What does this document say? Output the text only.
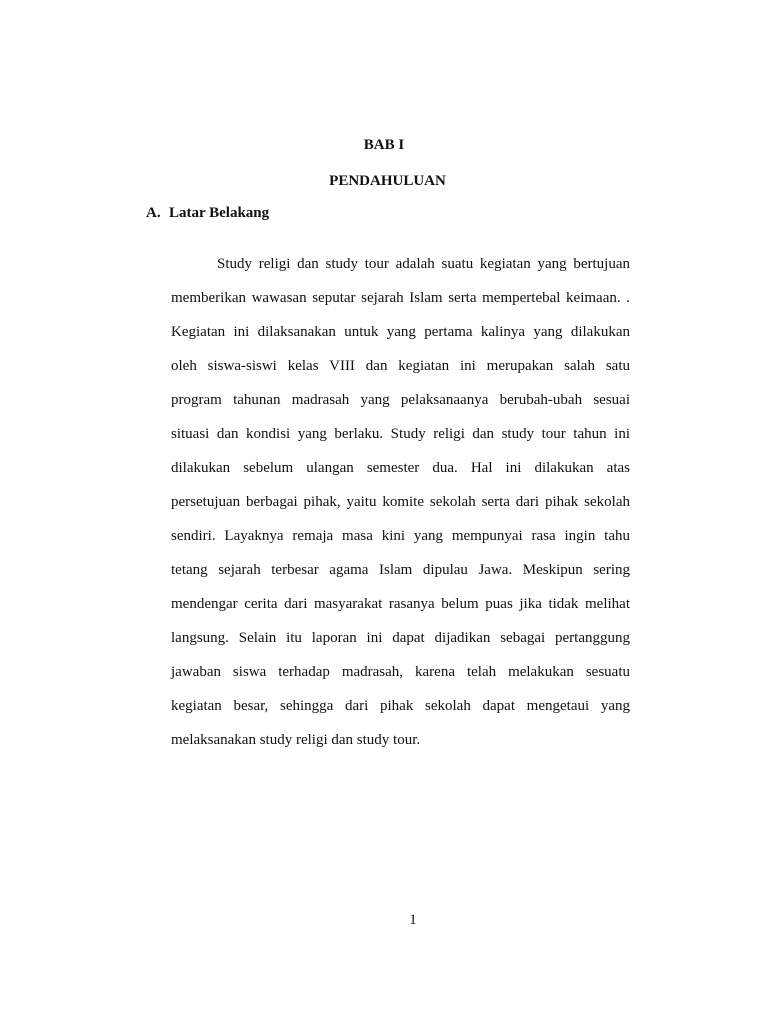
BAB I

PENDAHULUAN

A. Latar Belakang

Study religi dan study tour adalah suatu kegiatan yang bertujuan
memberikan wawasan seputar sejarah Islam serta mempertebal keimaan. .
Kegiatan ini dilaksanakan untuk yang pertama kalinya yang dilakukan
oleh siswa-siswi kelas VIII dan kegiatan ini merupakan salah satu
program tahunan madrasah yang pelaksanaanya berubah-ubah sesuai
situasi dan kondisi yang berlaku. Study religi dan study tour tahun ini
dilakukan sebelum ulangan semester dua. Hal ini dilakukan atas
persetujuan berbagai pihak, yaitu komite sekolah serta dari pihak sekolah
sendiri. Layaknya remaja masa kini yang mempunyai rasa ingin tahu
tetang sejarah terbesar agama Islam dipulau Jawa. Meskipun sering
mendengar cerita dari masyarakat rasanya belum puas jika tidak melihat
langsung. Selain itu laporan ini dapat dijadikan sebagai pertanggung
jawaban siswa terhadap madrasah, karena telah melakukan sesuatu
kegiatan besar, sehingga dari pihak sekolah dapat mengetaui yang
melaksanakan study religi dan study tour.

1
